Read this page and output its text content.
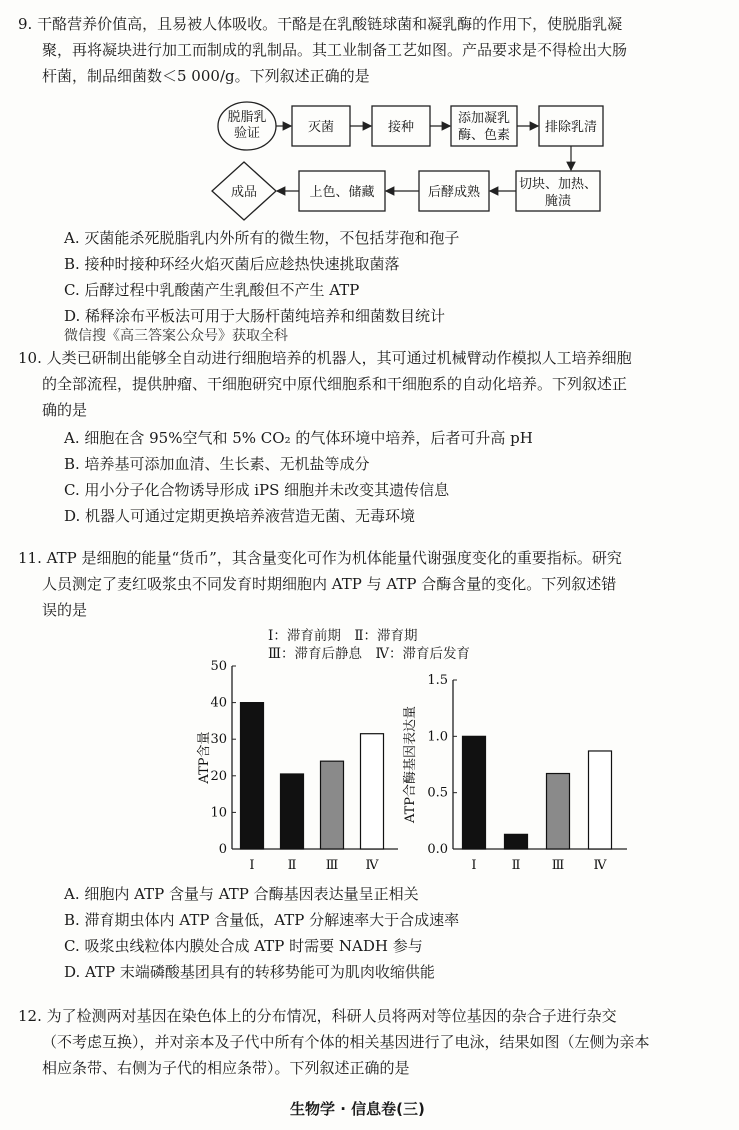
9. 干酪营养价值高，且易被人体吸收。干酪是在乳酸链球菌和凝乳酶的作用下，使脱脂乳凝
聚，再将凝块进行加工而制成的乳制品。其工业制备工艺如图。产品要求是不得检出大肠
杆菌，制品细菌数＜5 000/g。下列叙述正确的是
脱脂乳
验证	灭菌	接种
添加凝乳
酶、色素
排除乳清
切块、加热、
腌渍
后酵成熟
上色、储藏
成品
A. 灭菌能杀死脱脂乳内外所有的微生物，不包括芽孢和孢子
B. 接种时接种环经火焰灭菌后应趁热快速挑取菌落
C. 后酵过程中乳酸菌产生乳酸但不产生 ATP
D. 稀释涂布平板法可用于大肠杆菌纯培养和细菌数目统计
微信搜《高三答案公众号》获取全科
10. 人类已研制出能够全自动进行细胞培养的机器人，其可通过机械臂动作模拟人工培养细胞
的全部流程，提供肿瘤、干细胞研究中原代细胞系和干细胞系的自动化培养。下列叙述正
确的是
A. 细胞在含 95%空气和 5% CO₂ 的气体环境中培养，后者可升高 pH
B. 培养基可添加血清、生长素、无机盐等成分
C. 用小分子化合物诱导形成 iPS 细胞并未改变其遗传信息
D. 机器人可通过定期更换培养液营造无菌、无毒环境
11. ATP 是细胞的能量“货币”，其含量变化可作为机体能量代谢强度变化的重要指标。研究
人员测定了麦红吸浆虫不同发育时期细胞内 ATP 与 ATP 合酶含量的变化。下列叙述错
误的是
Ⅰ：滞育前期　Ⅱ：滞育期
Ⅲ：滞育后静息　Ⅳ：滞育后发育
0
10
20
30
40
50
Ⅰ	Ⅱ Ⅲ Ⅳ
ATP含量
0.0
0.5
1.0
1.5
Ⅰ	Ⅱ Ⅲ Ⅳ
ATP合酶基因表达量
A. 细胞内 ATP 含量与 ATP 合酶基因表达量呈正相关
B. 滞育期虫体内 ATP 含量低，ATP 分解速率大于合成速率
C. 吸浆虫线粒体内膜处合成 ATP 时需要 NADH 参与
D. ATP 末端磷酸基团具有的转移势能可为肌肉收缩供能
12. 为了检测两对基因在染色体上的分布情况，科研人员将两对等位基因的杂合子进行杂交
（不考虑互换），并对亲本及子代中所有个体的相关基因进行了电泳，结果如图（左侧为亲本
相应条带、右侧为子代的相应条带）。下列叙述正确的是
生物学 · 信息卷(三)
